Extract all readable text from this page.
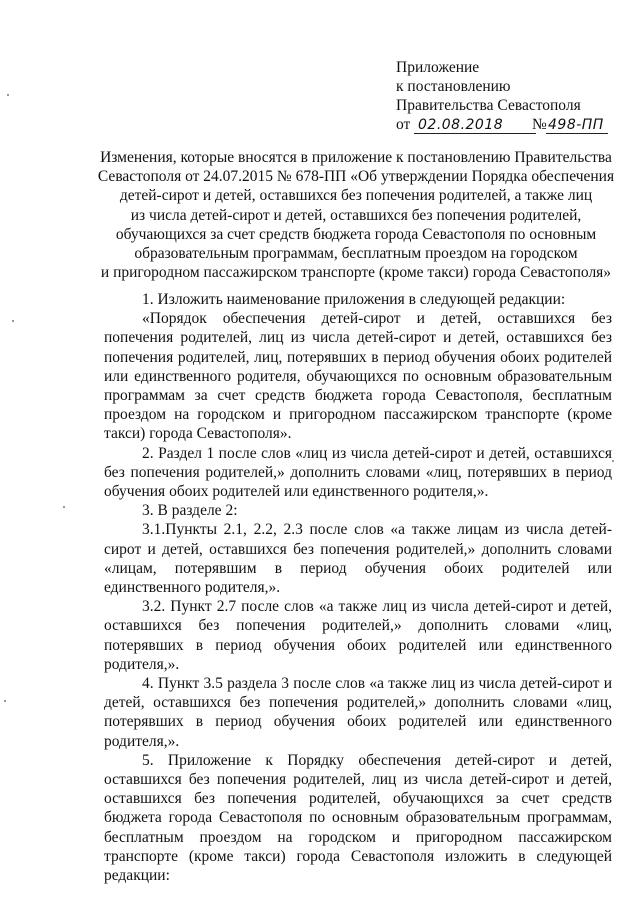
Приложение
к постановлению
Правительства Севастополя
от 02.08.2018 № 498-ПП
Изменения, которые вносятся в приложение к постановлению Правительства
Севастополя от 24.07.2015 № 678-ПП «Об утверждении Порядка обеспечения
детей-сирот и детей, оставшихся без попечения родителей, а также лиц
из числа детей-сирот и детей, оставшихся без попечения родителей,
обучающихся за счет средств бюджета города Севастополя по основным
образовательным программам, бесплатным проездом на городском
и пригородном пассажирском транспорте (кроме такси) города Севастополя»

1. Изложить наименование приложения в следующей редакции:

«Порядок обеспечения детей-сирот и детей, оставшихся без попечения родителей, лиц из числа детей-сирот и детей, оставшихся без попечения родителей, лиц, потерявших в период обучения обоих родителей или единственного родителя, обучающихся по основным образовательным программам за счет средств бюджета города Севастополя, бесплатным проездом на городском и пригородном пассажирском транспорте (кроме такси) города Севастополя».

2. Раздел 1 после слов «лиц из числа детей-сирот и детей, оставшихся без попечения родителей,» дополнить словами «лиц, потерявших в период обучения обоих родителей или единственного родителя,».

3. В разделе 2:

3.1.Пункты 2.1, 2.2, 2.3 после слов «а также лицам из числа детей-сирот и детей, оставшихся без попечения родителей,» дополнить словами «лицам, потерявшим в период обучения обоих родителей или единственного родителя,».

3.2. Пункт 2.7 после слов «а также лиц из числа детей-сирот и детей, оставшихся без попечения родителей,» дополнить словами «лиц, потерявших в период обучения обоих родителей или единственного родителя,».

4. Пункт 3.5 раздела 3 после слов «а также лиц из числа детей-сирот и детей, оставшихся без попечения родителей,» дополнить словами «лиц, потерявших в период обучения обоих родителей или единственного родителя,».

5. Приложение к Порядку обеспечения детей-сирот и детей, оставшихся без попечения родителей, лиц из числа детей-сирот и детей, оставшихся без попечения родителей, обучающихся за счет средств бюджета города Севастополя по основным образовательным программам, бесплатным проездом на городском и пригородном пассажирском транспорте (кроме такси) города Севастополя изложить в следующей редакции:
